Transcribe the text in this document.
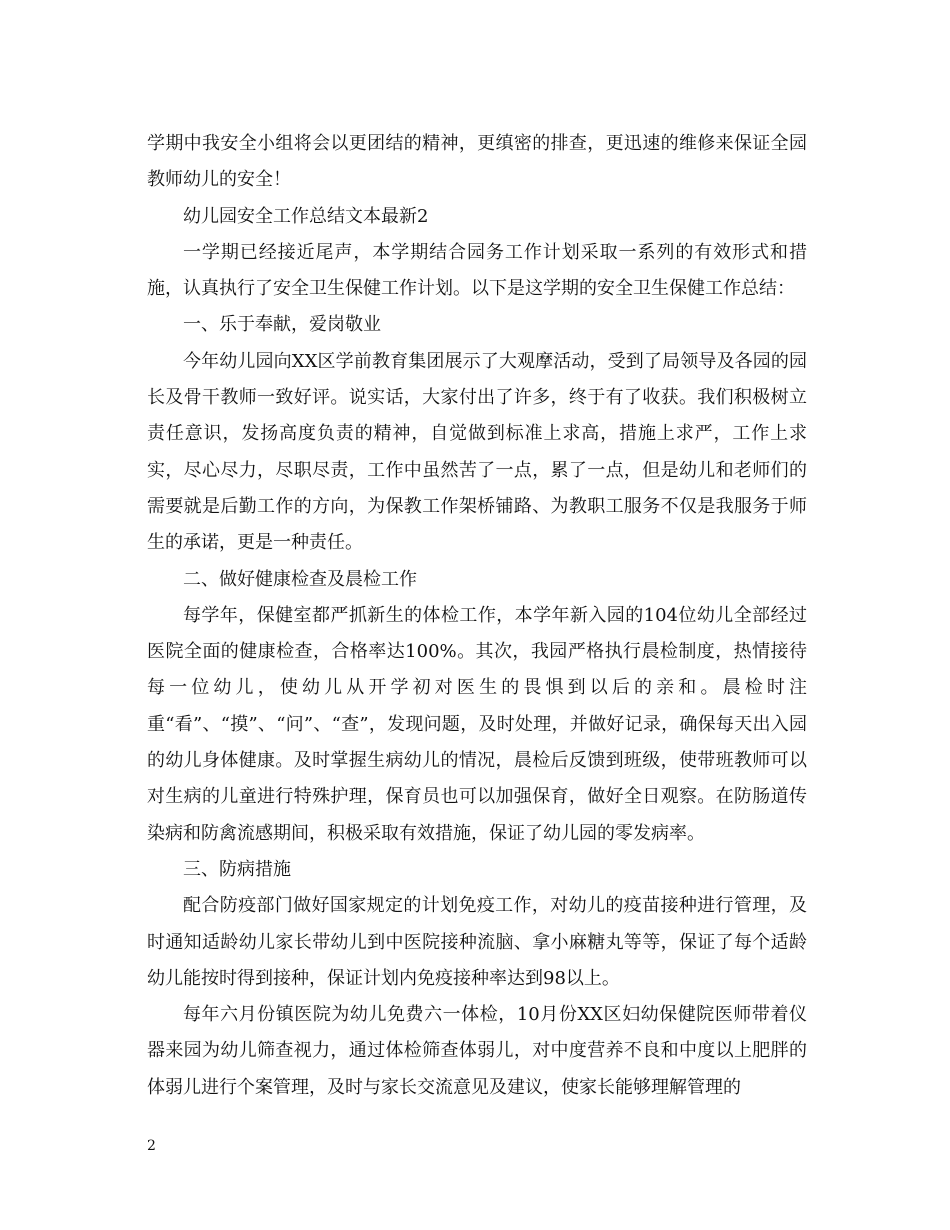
学期中我安全小组将会以更团结的精神，更缜密的排查，更迅速的维修来保证全园教师幼儿的安全！

幼儿园安全工作总结文本最新2

一学期已经接近尾声，本学期结合园务工作计划采取一系列的有效形式和措施，认真执行了安全卫生保健工作计划。以下是这学期的安全卫生保健工作总结：

一、乐于奉献，爱岗敬业

今年幼儿园向XX区学前教育集团展示了大观摩活动，受到了局领导及各园的园长及骨干教师一致好评。说实话，大家付出了许多，终于有了收获。我们积极树立责任意识，发扬高度负责的精神，自觉做到标准上求高，措施上求严，工作上求实，尽心尽力，尽职尽责，工作中虽然苦了一点，累了一点，但是幼儿和老师们的需要就是后勤工作的方向，为保教工作架桥铺路、为教职工服务不仅是我服务于师生的承诺，更是一种责任。

二、做好健康检查及晨检工作

每学年，保健室都严抓新生的体检工作，本学年新入园的104位幼儿全部经过医院全面的健康检查，合格率达100%。其次，我园严格执行晨检制度，热情接待每一位幼儿，使幼儿从开学初对医生的畏惧到以后的亲和。晨检时注重“看”、“摸”、“问”、“查”，发现问题，及时处理，并做好记录，确保每天出入园的幼儿身体健康。及时掌握生病幼儿的情况，晨检后反馈到班级，使带班教师可以对生病的儿童进行特殊护理，保育员也可以加强保育，做好全日观察。在防肠道传染病和防禽流感期间，积极采取有效措施，保证了幼儿园的零发病率。

三、防病措施

配合防疫部门做好国家规定的计划免疫工作，对幼儿的疫苗接种进行管理，及时通知适龄幼儿家长带幼儿到中医院接种流脑、拿小麻糖丸等等，保证了每个适龄幼儿能按时得到接种，保证计划内免疫接种率达到98以上。

每年六月份镇医院为幼儿免费六一体检，10月份XX区妇幼保健院医师带着仪器来园为幼儿筛查视力，通过体检筛查体弱儿，对中度营养不良和中度以上肥胖的体弱儿进行个案管理，及时与家长交流意见及建议，使家长能够理解管理的

2
